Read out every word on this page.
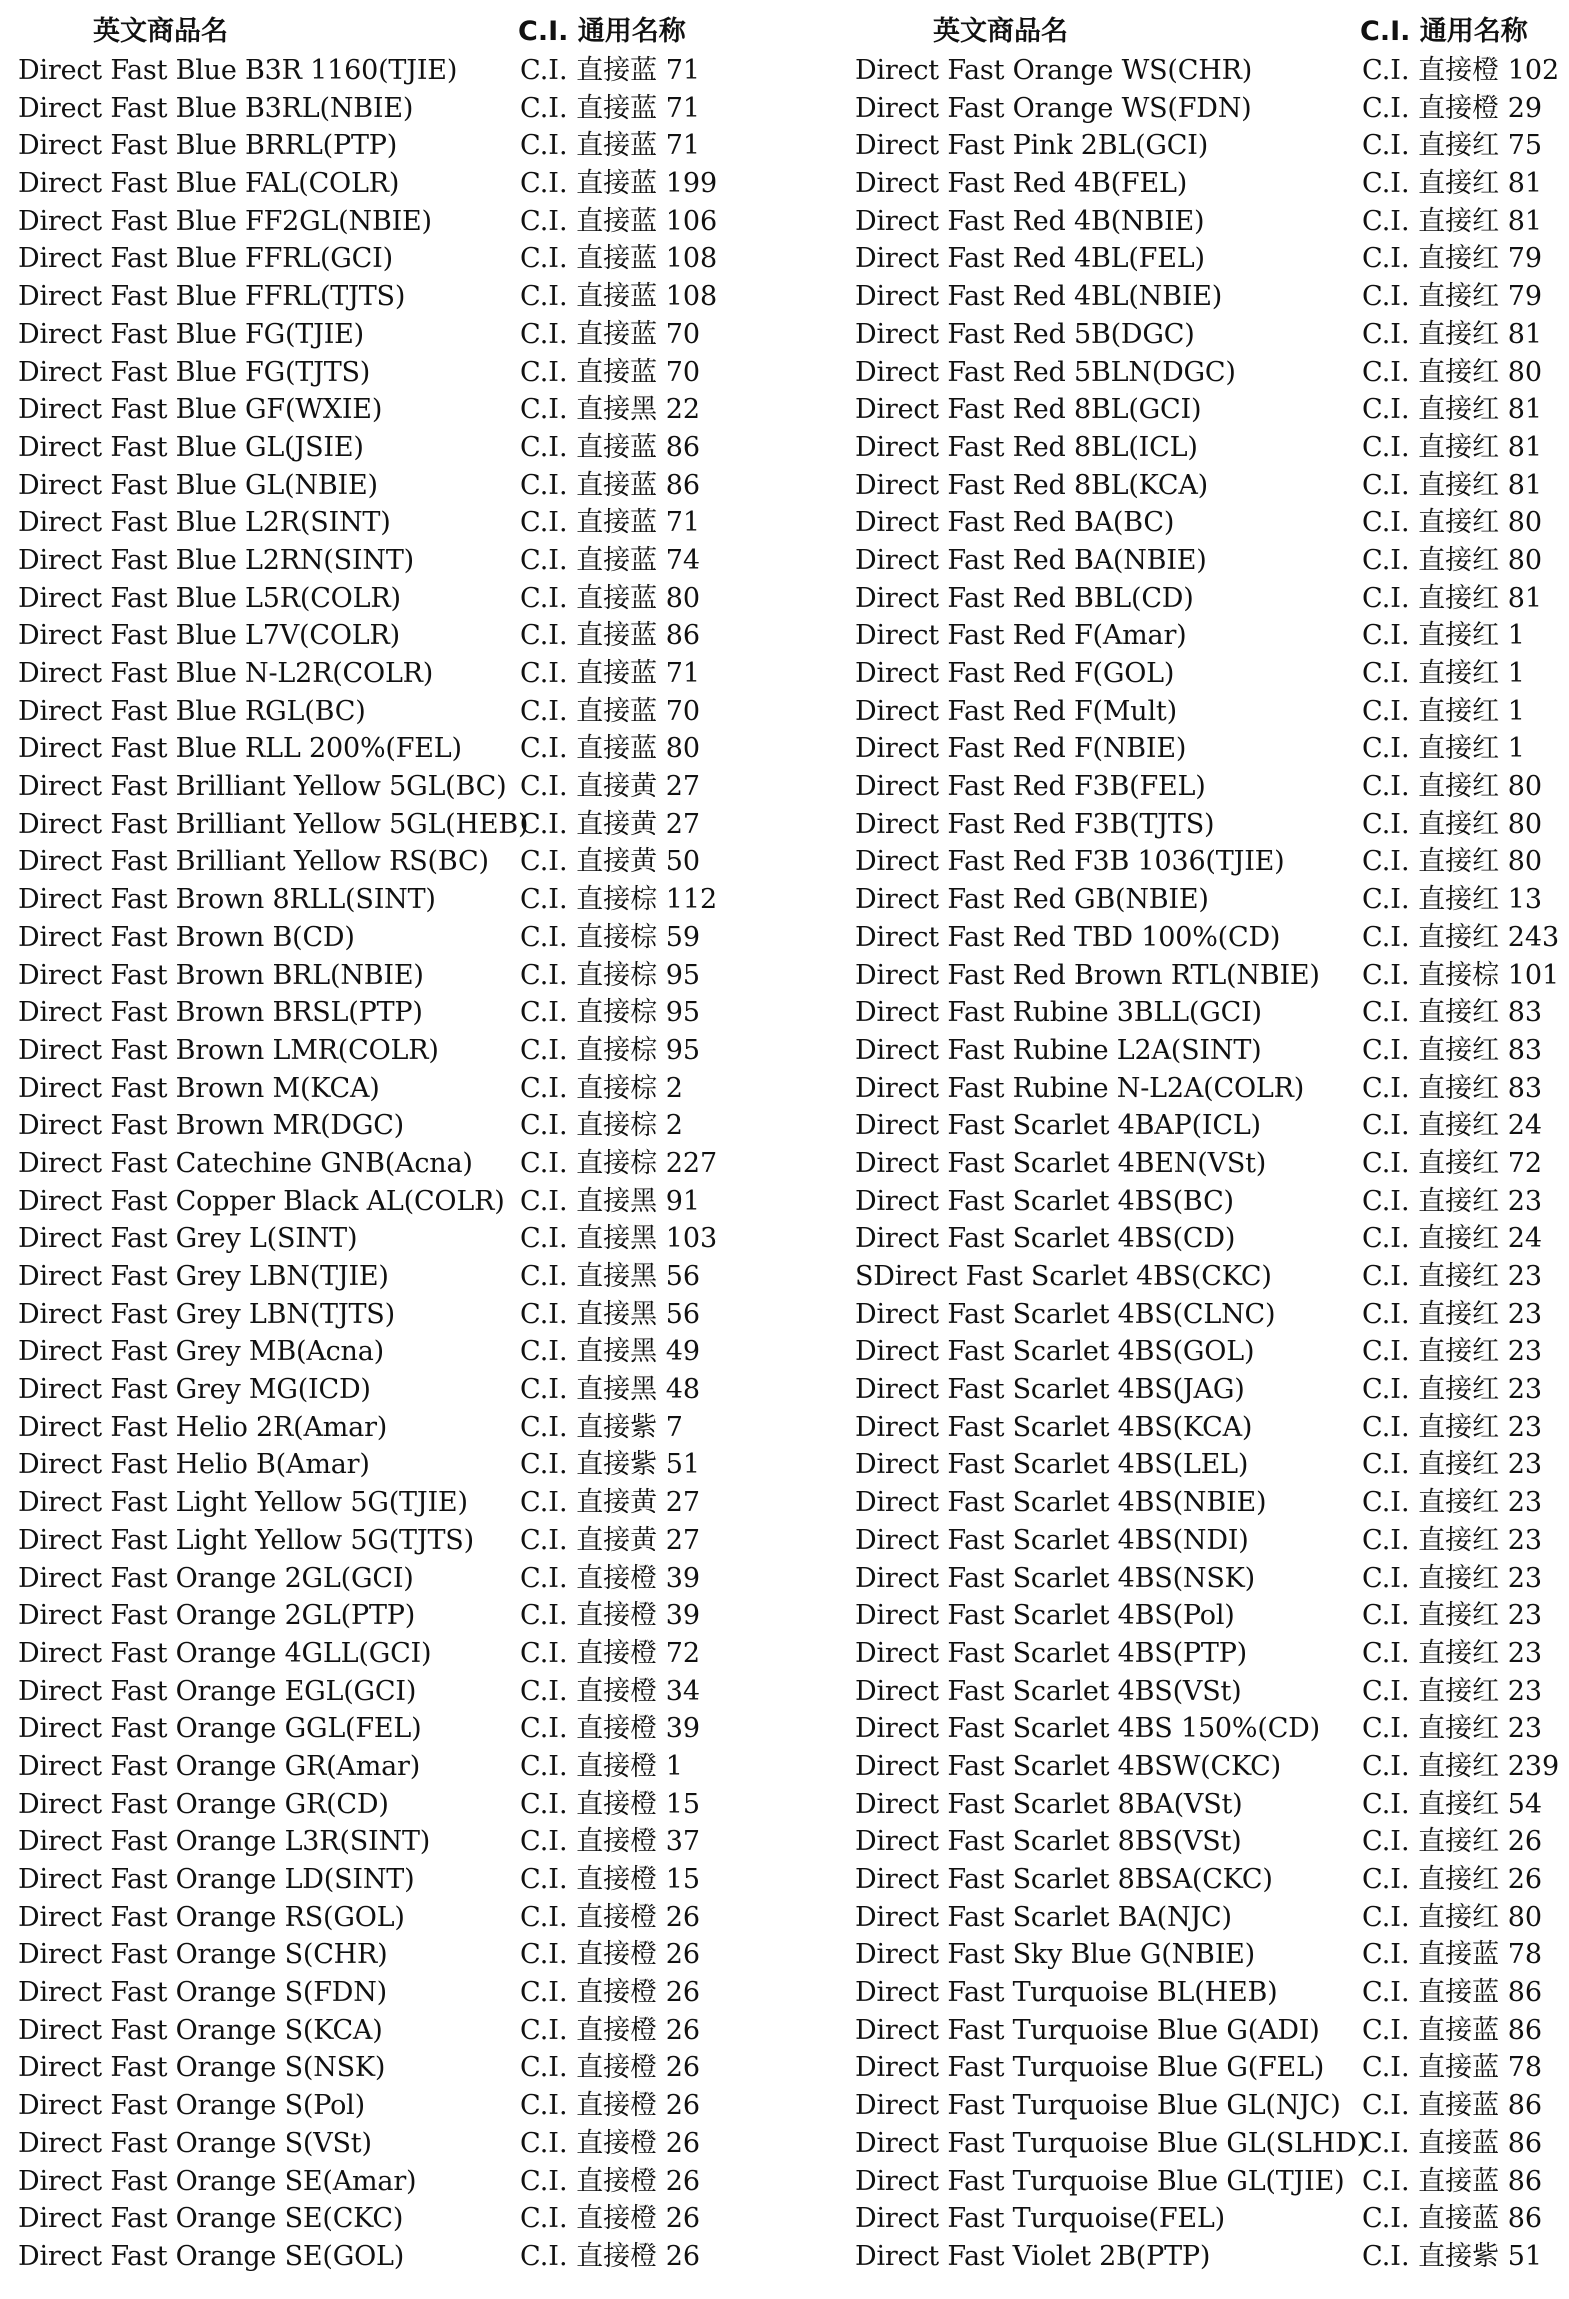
英文商品名	C.I. 通用名称
Direct Fast Blue B3R 1160(TJIE) C.I. 直接蓝 71
Direct Fast Blue B3RL(NBIE)	C.I. 直接蓝 71
Direct Fast Blue BRRL(PTP)	C.I. 直接蓝 71
Direct Fast Blue FAL(COLR)	C.I. 直接蓝 199
Direct Fast Blue FF2GL(NBIE)	C.I. 直接蓝 106
Direct Fast Blue FFRL(GCI)	C.I. 直接蓝 108
Direct Fast Blue FFRL(TJTS)	C.I. 直接蓝 108
Direct Fast Blue FG(TJIE)	C.I. 直接蓝 70
Direct Fast Blue FG(TJTS)	C.I. 直接蓝 70
Direct Fast Blue GF(WXIE)	C.I. 直接黑 22
Direct Fast Blue GL(JSIE)	C.I. 直接蓝 86
Direct Fast Blue GL(NBIE)	C.I. 直接蓝 86
Direct Fast Blue L2R(SINT)	C.I. 直接蓝 71
Direct Fast Blue L2RN(SINT)	C.I. 直接蓝 74
Direct Fast Blue L5R(COLR)	C.I. 直接蓝 80
Direct Fast Blue L7V(COLR)	C.I. 直接蓝 86
Direct Fast Blue N-L2R(COLR)	C.I. 直接蓝 71
Direct Fast Blue RGL(BC)	C.I. 直接蓝 70
Direct Fast Blue RLL 200%(FEL) C.I. 直接蓝 80
Direct Fast Brilliant Yellow 5GL(BC) C.I. 直接黄 27
Direct Fast Brilliant Yellow 5GL(HEB)
C.I. 直接黄 27
Direct Fast Brilliant Yellow RS(BC) C.I. 直接黄 50
Direct Fast Brown 8RLL(SINT)	C.I. 直接棕 112
Direct Fast Brown B(CD)	C.I. 直接棕 59
Direct Fast Brown BRL(NBIE)	C.I. 直接棕 95
Direct Fast Brown BRSL(PTP)	C.I. 直接棕 95
Direct Fast Brown LMR(COLR)	C.I. 直接棕 95
Direct Fast Brown M(KCA)	C.I. 直接棕 2
Direct Fast Brown MR(DGC)	C.I. 直接棕 2
Direct Fast Catechine GNB(Acna) C.I. 直接棕 227
Direct Fast Copper Black AL(COLR) C.I. 直接黑 91
Direct Fast Grey L(SINT)	C.I. 直接黑 103
Direct Fast Grey LBN(TJIE)	C.I. 直接黑 56
Direct Fast Grey LBN(TJTS)	C.I. 直接黑 56
Direct Fast Grey MB(Acna)	C.I. 直接黑 49
Direct Fast Grey MG(ICD)	C.I. 直接黑 48
Direct Fast Helio 2R(Amar)	C.I. 直接紫 7
Direct Fast Helio B(Amar)	C.I. 直接紫 51
Direct Fast Light Yellow 5G(TJIE) C.I. 直接黄 27
Direct Fast Light Yellow 5G(TJTS) C.I. 直接黄 27
Direct Fast Orange 2GL(GCI)	C.I. 直接橙 39
Direct Fast Orange 2GL(PTP)	C.I. 直接橙 39
Direct Fast Orange 4GLL(GCI)	C.I. 直接橙 72
Direct Fast Orange EGL(GCI)	C.I. 直接橙 34
Direct Fast Orange GGL(FEL)	C.I. 直接橙 39
Direct Fast Orange GR(Amar)	C.I. 直接橙 1
Direct Fast Orange GR(CD)	C.I. 直接橙 15
Direct Fast Orange L3R(SINT)	C.I. 直接橙 37
Direct Fast Orange LD(SINT)	C.I. 直接橙 15
Direct Fast Orange RS(GOL)	C.I. 直接橙 26
Direct Fast Orange S(CHR)	C.I. 直接橙 26
Direct Fast Orange S(FDN)	C.I. 直接橙 26
Direct Fast Orange S(KCA)	C.I. 直接橙 26
Direct Fast Orange S(NSK)	C.I. 直接橙 26
Direct Fast Orange S(Pol)	C.I. 直接橙 26
Direct Fast Orange S(VSt)	C.I. 直接橙 26
Direct Fast Orange SE(Amar)	C.I. 直接橙 26
Direct Fast Orange SE(CKC)	C.I. 直接橙 26
Direct Fast Orange SE(GOL)	C.I. 直接橙 26
英文商品名	C.I. 通用名称
Direct Fast Orange WS(CHR)	C.I. 直接橙 102
Direct Fast Orange WS(FDN)	C.I. 直接橙 29
Direct Fast Pink 2BL(GCI)	C.I. 直接红 75
Direct Fast Red 4B(FEL)	C.I. 直接红 81
Direct Fast Red 4B(NBIE)	C.I. 直接红 81
Direct Fast Red 4BL(FEL)	C.I. 直接红 79
Direct Fast Red 4BL(NBIE)	C.I. 直接红 79
Direct Fast Red 5B(DGC)	C.I. 直接红 81
Direct Fast Red 5BLN(DGC)	C.I. 直接红 80
Direct Fast Red 8BL(GCI)	C.I. 直接红 81
Direct Fast Red 8BL(ICL)	C.I. 直接红 81
Direct Fast Red 8BL(KCA)	C.I. 直接红 81
Direct Fast Red BA(BC)	C.I. 直接红 80
Direct Fast Red BA(NBIE)	C.I. 直接红 80
Direct Fast Red BBL(CD)	C.I. 直接红 81
Direct Fast Red F(Amar)	C.I. 直接红 1
Direct Fast Red F(GOL)	C.I. 直接红 1
Direct Fast Red F(Mult)	C.I. 直接红 1
Direct Fast Red F(NBIE)	C.I. 直接红 1
Direct Fast Red F3B(FEL)	C.I. 直接红 80
Direct Fast Red F3B(TJTS)	C.I. 直接红 80
Direct Fast Red F3B 1036(TJIE)	C.I. 直接红 80
Direct Fast Red GB(NBIE)	C.I. 直接红 13
Direct Fast Red TBD 100%(CD)	C.I. 直接红 243
Direct Fast Red Brown RTL(NBIE) C.I. 直接棕 101
Direct Fast Rubine 3BLL(GCI)	C.I. 直接红 83
Direct Fast Rubine L2A(SINT)	C.I. 直接红 83
Direct Fast Rubine N-L2A(COLR) C.I. 直接红 83
Direct Fast Scarlet 4BAP(ICL)	C.I. 直接红 24
Direct Fast Scarlet 4BEN(VSt)	C.I. 直接红 72
Direct Fast Scarlet 4BS(BC)	C.I. 直接红 23
Direct Fast Scarlet 4BS(CD)	C.I. 直接红 24
SDirect Fast Scarlet 4BS(CKC)	C.I. 直接红 23
Direct Fast Scarlet 4BS(CLNC)	C.I. 直接红 23
Direct Fast Scarlet 4BS(GOL)	C.I. 直接红 23
Direct Fast Scarlet 4BS(JAG)	C.I. 直接红 23
Direct Fast Scarlet 4BS(KCA)	C.I. 直接红 23
Direct Fast Scarlet 4BS(LEL)	C.I. 直接红 23
Direct Fast Scarlet 4BS(NBIE)	C.I. 直接红 23
Direct Fast Scarlet 4BS(NDI)	C.I. 直接红 23
Direct Fast Scarlet 4BS(NSK)	C.I. 直接红 23
Direct Fast Scarlet 4BS(Pol)	C.I. 直接红 23
Direct Fast Scarlet 4BS(PTP)	C.I. 直接红 23
Direct Fast Scarlet 4BS(VSt)	C.I. 直接红 23
Direct Fast Scarlet 4BS 150%(CD) C.I. 直接红 23
Direct Fast Scarlet 4BSW(CKC)	C.I. 直接红 239
Direct Fast Scarlet 8BA(VSt)	C.I. 直接红 54
Direct Fast Scarlet 8BS(VSt)	C.I. 直接红 26
Direct Fast Scarlet 8BSA(CKC)	C.I. 直接红 26
Direct Fast Scarlet BA(NJC)	C.I. 直接红 80
Direct Fast Sky Blue G(NBIE)	C.I. 直接蓝 78
Direct Fast Turquoise BL(HEB)	C.I. 直接蓝 86
Direct Fast Turquoise Blue G(ADI) C.I. 直接蓝 86
Direct Fast Turquoise Blue G(FEL) C.I. 直接蓝 78
Direct Fast Turquoise Blue GL(NJC) C.I. 直接蓝 86
Direct Fast Turquoise Blue GL(SLHD)
C.I. 直接蓝 86
Direct Fast Turquoise Blue GL(TJIE) C.I. 直接蓝 86
Direct Fast Turquoise(FEL)	C.I. 直接蓝 86
Direct Fast Violet 2B(PTP)	C.I. 直接紫 51
